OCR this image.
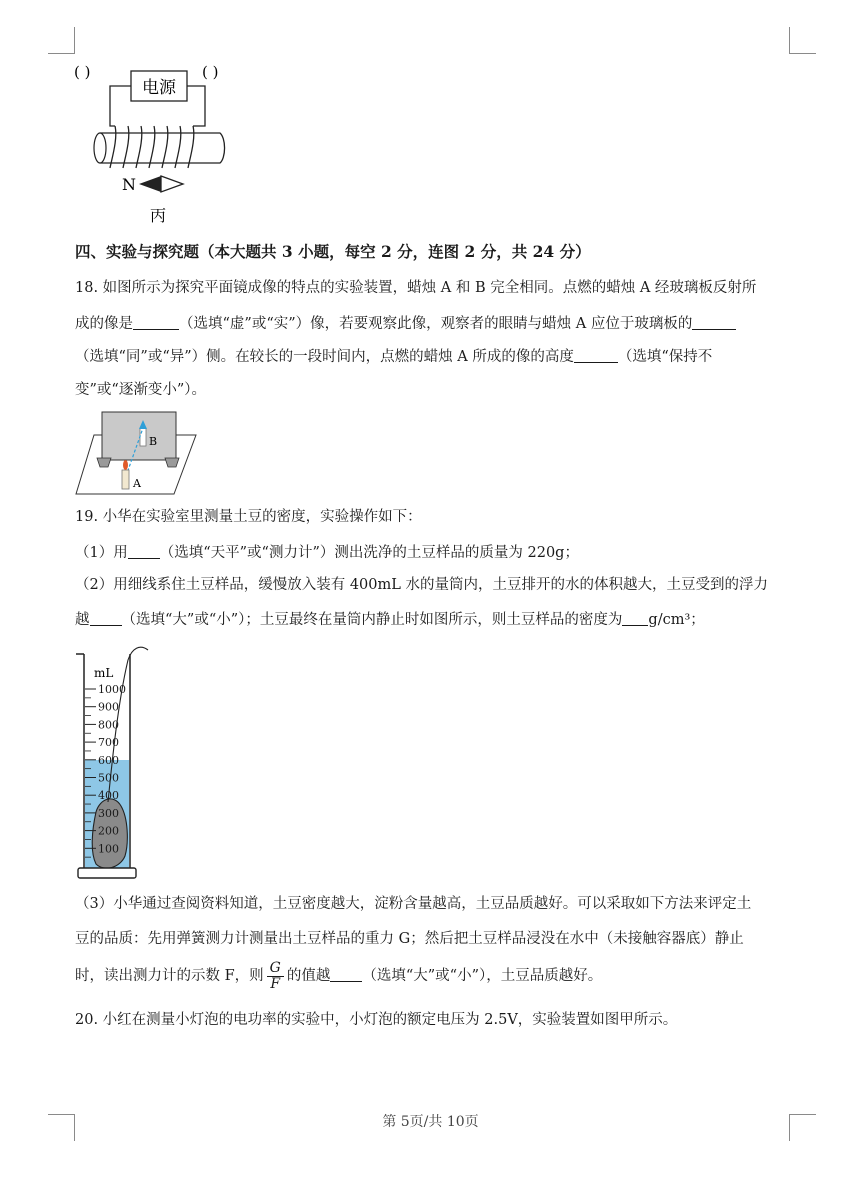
( )	( )
电源
N
丙
四、实验与探究题（本大题共 3 小题，每空 2 分，连图 2 分，共 24 分）
18. 如图所示为探究平面镜成像的特点的实验装置，蜡烛 A 和 B 完全相同。点燃的蜡烛 A 经玻璃板反射所
成的像是	（选填“虚”或“实”）像，若要观察此像，观察者的眼睛与蜡烛 A 应位于玻璃板的
（选填“同”或“异”）侧。在较长的一段时间内，点燃的蜡烛 A 所成的像的高度	（选填“保持不
变”或“逐渐变小”）。
B
A
19. 小华在实验室里测量土豆的密度，实验操作如下：
（1）用 （选填“天平”或“测力计”）测出洗净的土豆样品的质量为 220g；
（2）用细线系住土豆样品，缓慢放入装有 400mL 水的量筒内，土豆排开的水的体积越大，土豆受到的浮力
越 （选填“大”或“小”）；土豆最终在量筒内静止时如图所示，则土豆样品的密度为 g/cm³；
mL
1000
900
800
700
600
500
400
300
200
100
（3）小华通过查阅资料知道，土豆密度越大，淀粉含量越高，土豆品质越好。可以采取如下方法来评定土
豆的品质：先用弹簧测力计测量出土豆样品的重力 G；然后把土豆样品浸没在水中（未接触容器底）静止
时，读出测力计的示数 F，则 $\frac{G}{F}$ 的值越 （选填“大”或“小”），土豆品质越好。
20. 小红在测量小灯泡的电功率的实验中，小灯泡的额定电压为 2.5V，实验装置如图甲所示。
第 5页/共 10页
